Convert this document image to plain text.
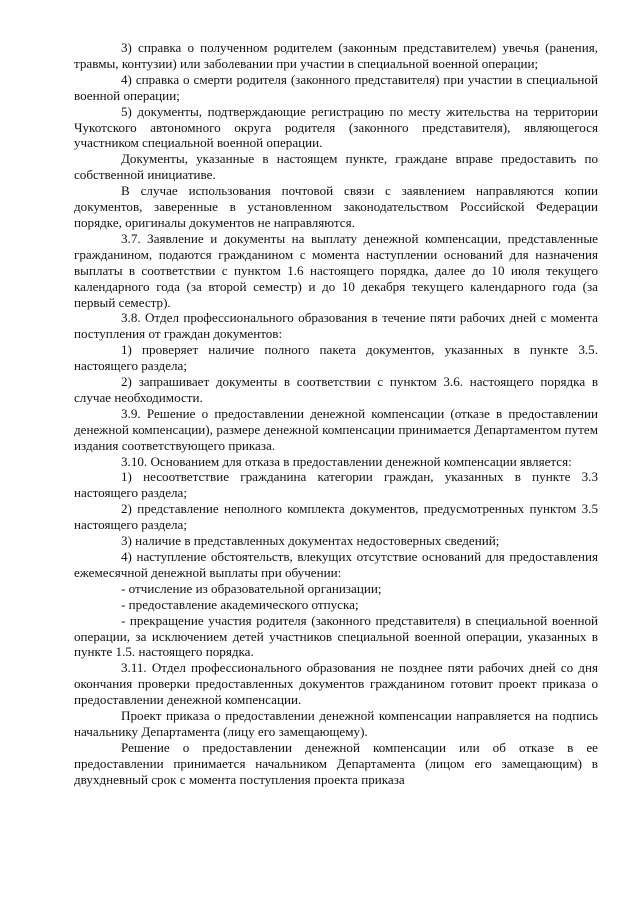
3) справка о полученном родителем (законным представителем) увечья (ранения, травмы, контузии) или заболевании при участии в специальной военной операции;

4) справка о смерти родителя (законного представителя) при участии в специальной военной операции;

5) документы, подтверждающие регистрацию по месту жительства на территории Чукотского автономного округа родителя (законного представителя), являющегося участником специальной военной операции.

Документы, указанные в настоящем пункте, граждане вправе предоставить по собственной инициативе.

В случае использования почтовой связи с заявлением направляются копии документов, заверенные в установленном законодательством Российской Федерации порядке, оригиналы документов не направляются.

3.7. Заявление и документы на выплату денежной компенсации, представленные гражданином, подаются гражданином с момента наступлении оснований для назначения выплаты в соответствии с пунктом 1.6 настоящего порядка, далее до 10 июля текущего календарного года (за второй семестр) и до 10 декабря текущего календарного года (за первый семестр).

3.8. Отдел профессионального образования в течение пяти рабочих дней с момента поступления от граждан документов:

1) проверяет наличие полного пакета документов, указанных в пункте 3.5. настоящего раздела;

2) запрашивает документы в соответствии с пунктом 3.6. настоящего порядка в случае необходимости.

3.9. Решение о предоставлении денежной компенсации (отказе в предоставлении денежной компенсации), размере денежной компенсации принимается Департаментом путем издания соответствующего приказа.

3.10. Основанием для отказа в предоставлении денежной компенсации является:

1) несоответствие гражданина категории граждан, указанных в пункте 3.3 настоящего раздела;

2) представление неполного комплекта документов, предусмотренных пунктом 3.5 настоящего раздела;

3) наличие в представленных документах недостоверных сведений;

4) наступление обстоятельств, влекущих отсутствие оснований для предоставления ежемесячной денежной выплаты при обучении:

- отчисление из образовательной организации;

- предоставление академического отпуска;

- прекращение участия родителя (законного представителя) в специальной военной операции, за исключением детей участников специальной военной операции, указанных в пункте 1.5. настоящего порядка.

3.11. Отдел профессионального образования не позднее пяти рабочих дней со дня окончания проверки предоставленных документов гражданином готовит проект приказа о предоставлении денежной компенсации.

Проект приказа о предоставлении денежной компенсации направляется на подпись начальнику Департамента (лицу его замещающему).

Решение о предоставлении денежной компенсации или об отказе в ее предоставлении принимается начальником Департамента (лицом его замещающим) в двухдневный срок с момента поступления проекта приказа
